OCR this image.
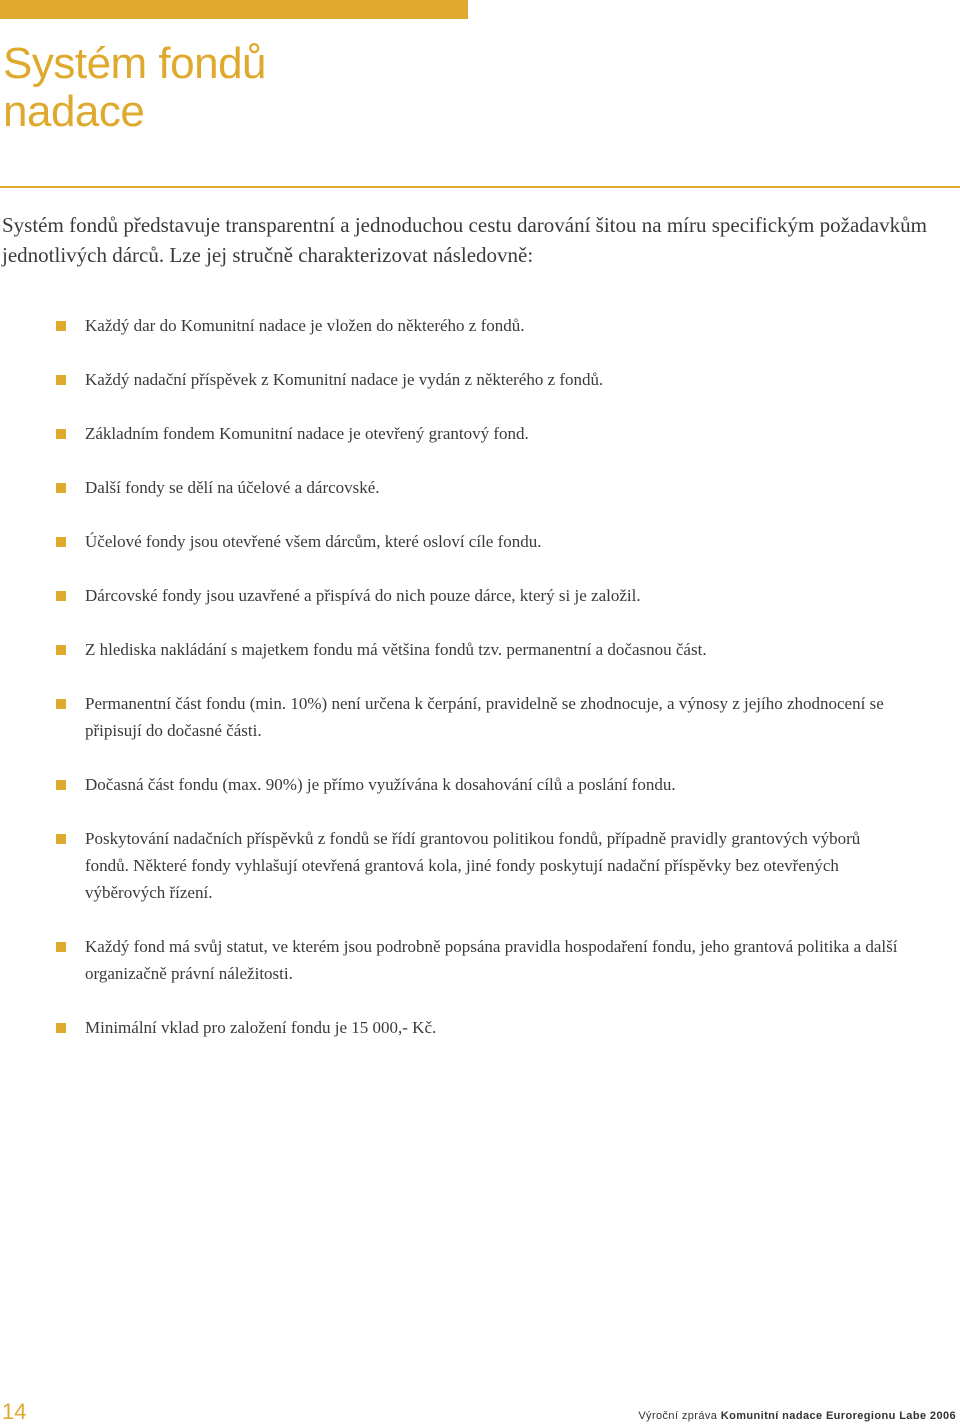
Systém fondů
nadace

Systém fondů představuje transparentní a jednoduchou cestu darování šitou na míru specifickým požadavkům jednotlivých dárců. Lze jej stručně charakterizovat následovně:

Každý dar do Komunitní nadace je vložen do některého z fondů.
Každý nadační příspěvek z Komunitní nadace je vydán z některého z fondů.
Základním fondem Komunitní nadace je otevřený grantový fond.
Další fondy se dělí na účelové a dárcovské.
Účelové fondy jsou otevřené všem dárcům, které osloví cíle fondu.
Dárcovské fondy jsou uzavřené a přispívá do nich pouze dárce, který si je založil.
Z hlediska nakládání s majetkem fondu má většina fondů tzv. permanentní a dočasnou část.
Permanentní část fondu (min. 10%) není určena k čerpání, pravidelně se zhodnocuje, a výnosy z jejího zhodnocení se připisují do dočasné části.
Dočasná část fondu (max. 90%) je přímo využívána k dosahování cílů a poslání fondu.
Poskytování nadačních příspěvků z fondů se řídí grantovou politikou fondů, případně pravidly grantových výborů fondů. Některé fondy vyhlašují otevřená grantová kola, jiné fondy poskytují nadační příspěvky bez otevřených výběrových řízení.
Každý fond má svůj statut, ve kterém jsou podrobně popsána pravidla hospodaření fondu, jeho grantová politika a další organizačně právní náležitosti.
Minimální vklad pro založení fondu je 15 000,- Kč.
14	Výroční zpráva Komunitní nadace Euroregionu Labe 2006
